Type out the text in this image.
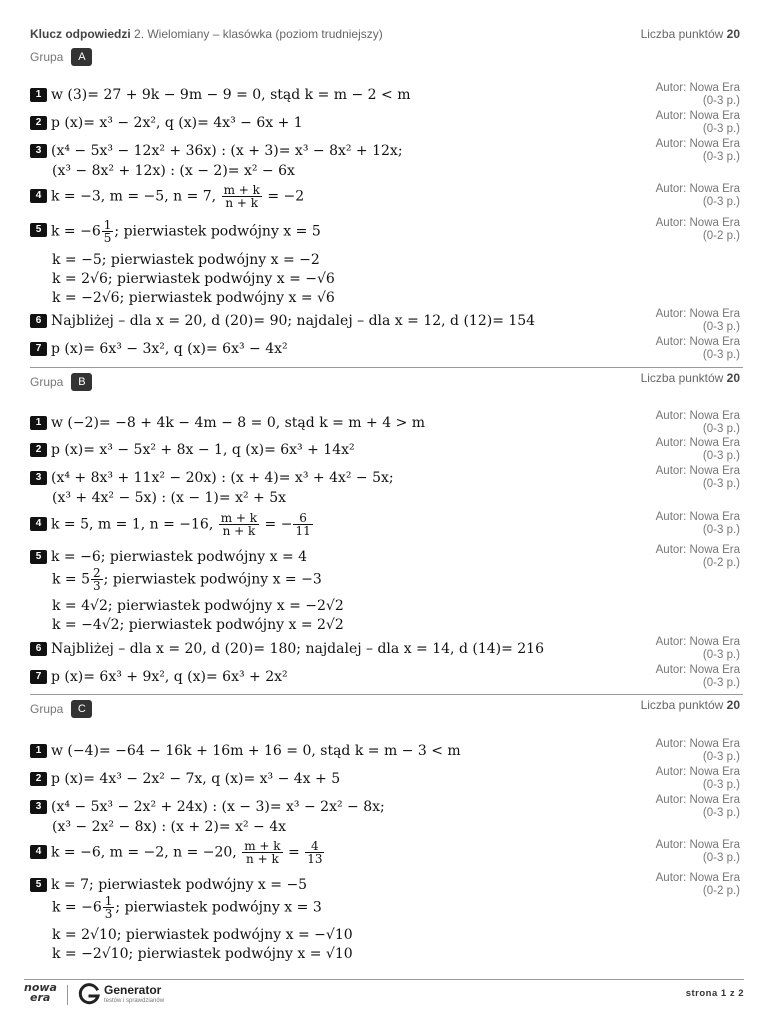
Klucz odpowiedzi 2. Wielomiany – klasówka (poziom trudniejszy)	Liczba punktów 20
Grupa	A
1 w (3)= 27 + 9k − 9m − 9 = 0, stąd k = m − 2 < m	Autor: Nowa Era
(0-3 p.)
2 p (x)= x³ − 2x², q (x)= 4x³ − 6x + 1	Autor: Nowa Era
(0-3 p.)
3 (x⁴ − 5x³ − 12x² + 36x) : (x + 3)= x³ − 8x² + 12x;
(x³ − 8x² + 12x) : (x − 2)= x² − 6x
Autor: Nowa Era
(0-3 p.)
4 k = −3, m = −5, n = 7, $\frac{m + k}{n + k} = -2$	Autor: Nowa Era
(0-3 p.)
5 $k = -6 \frac{1}{5}$ ; pierwiastek podwójny x = 5
k = −5; pierwiastek podwójny x = −2
k = 2√6; pierwiastek podwójny x = −√6
k = −2√6; pierwiastek podwójny x = √6
Autor: Nowa Era
(0-2 p.)
6 Najbliżej – dla x = 20, d (20)= 90; najdalej – dla x = 12, d (12)= 154	Autor: Nowa Era
(0-3 p.)
7 p (x)= 6x³ − 3x², q (x)= 6x³ − 4x²	Autor: Nowa Era
(0-3 p.)
Grupa	B	Liczba punktów 20
1 w (−2)= −8 + 4k − 4m − 8 = 0, stąd k = m + 4 > m	Autor: Nowa Era
(0-3 p.)
2 p (x)= x³ − 5x² + 8x − 1, q (x)= 6x³ + 14x²	Autor: Nowa Era
(0-3 p.)
3 (x⁴ + 8x³ + 11x² − 20x) : (x + 4)= x³ + 4x² − 5x;
(x³ + 4x² − 5x) : (x − 1)= x² + 5x
Autor: Nowa Era
(0-3 p.)
4 k = 5, m = 1, n = −16, $\frac{m + k}{n + k}$ = − $\frac{6}{11}$	Autor: Nowa Era
(0-3 p.)
5 k = −6; pierwiastek podwójny x = 4
$k = 5 \frac{2}{3}$ ; pierwiastek podwójny x = −3
k = 4√2; pierwiastek podwójny x = −2√2
k = −4√2; pierwiastek podwójny x = 2√2
Autor: Nowa Era
(0-2 p.)
6 Najbliżej – dla x = 20, d (20)= 180; najdalej – dla x = 14, d (14)= 216	Autor: Nowa Era
(0-3 p.)
7 p (x)= 6x³ + 9x², q (x)= 6x³ + 2x²	Autor: Nowa Era
(0-3 p.)
Grupa	C	Liczba punktów 20
1 w (−4)= −64 − 16k + 16m + 16 = 0, stąd k = m − 3 < m	Autor: Nowa Era
(0-3 p.)
2 p (x)= 4x³ − 2x² − 7x, q (x)= x³ − 4x + 5	Autor: Nowa Era
(0-3 p.)
3 (x⁴ − 5x³ − 2x² + 24x) : (x − 3)= x³ − 2x² − 8x;
(x³ − 2x² − 8x) : (x + 2)= x² − 4x
Autor: Nowa Era
(0-3 p.)
4 k = −6, m = −2, n = −20, $\frac{m + k}{n + k} = \frac{4}{13}$	Autor: Nowa Era
(0-3 p.)
5 k = 7; pierwiastek podwójny x = −5
$k = -6 \frac{1}{3}$ ; pierwiastek podwójny x = 3
k = 2√10; pierwiastek podwójny x = −√10
k = −2√10; pierwiastek podwójny x = √10
Autor: Nowa Era
(0-2 p.)
nowa
era
Generator
testów i sprawdzianów
strona 1 z 2
